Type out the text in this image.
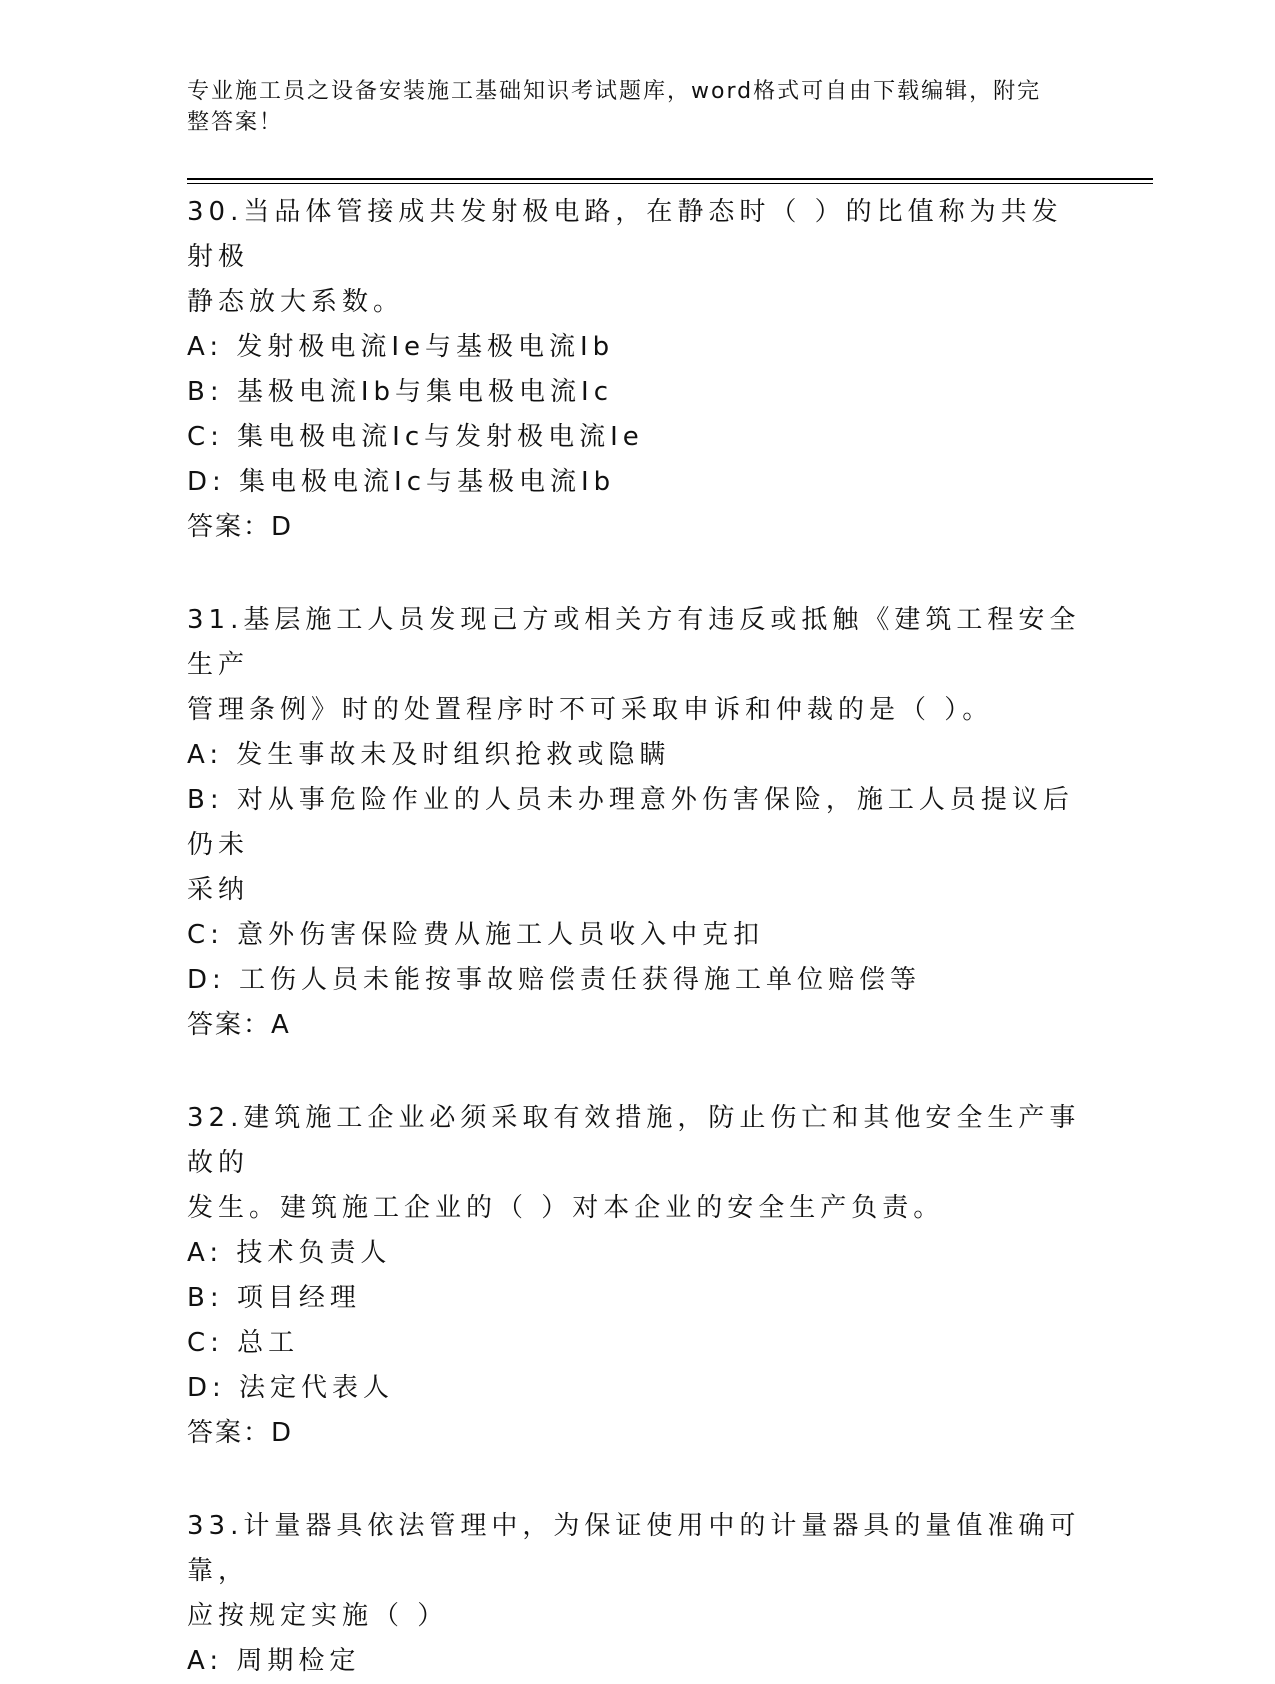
专业施工员之设备安装施工基础知识考试题库，word格式可自由下载编辑，附完
整答案！
30.当品体管接成共发射极电路，在静态时（ ）的比值称为共发射极
静态放大系数。
A: 发射极电流Ie与基极电流Ib
B: 基极电流Ib与集电极电流Ic
C: 集电极电流Ic与发射极电流Ie
D: 集电极电流Ic与基极电流Ib
答案：D
31.基层施工人员发现己方或相关方有违反或抵触《建筑工程安全生产
管理条例》时的处置程序时不可采取申诉和仲裁的是（ ）。
A: 发生事故未及时组织抢救或隐瞒
B: 对从事危险作业的人员未办理意外伤害保险，施工人员提议后仍未
采纳
C: 意外伤害保险费从施工人员收入中克扣
D: 工伤人员未能按事故赔偿责任获得施工单位赔偿等
答案：A
32.建筑施工企业必须采取有效措施，防止伤亡和其他安全生产事故的
发生。建筑施工企业的（ ）对本企业的安全生产负责。
A: 技术负责人
B: 项目经理
C: 总工
D: 法定代表人
答案：D
33.计量器具依法管理中，为保证使用中的计量器具的量值准确可靠，
应按规定实施（ ）
A: 周期检定
